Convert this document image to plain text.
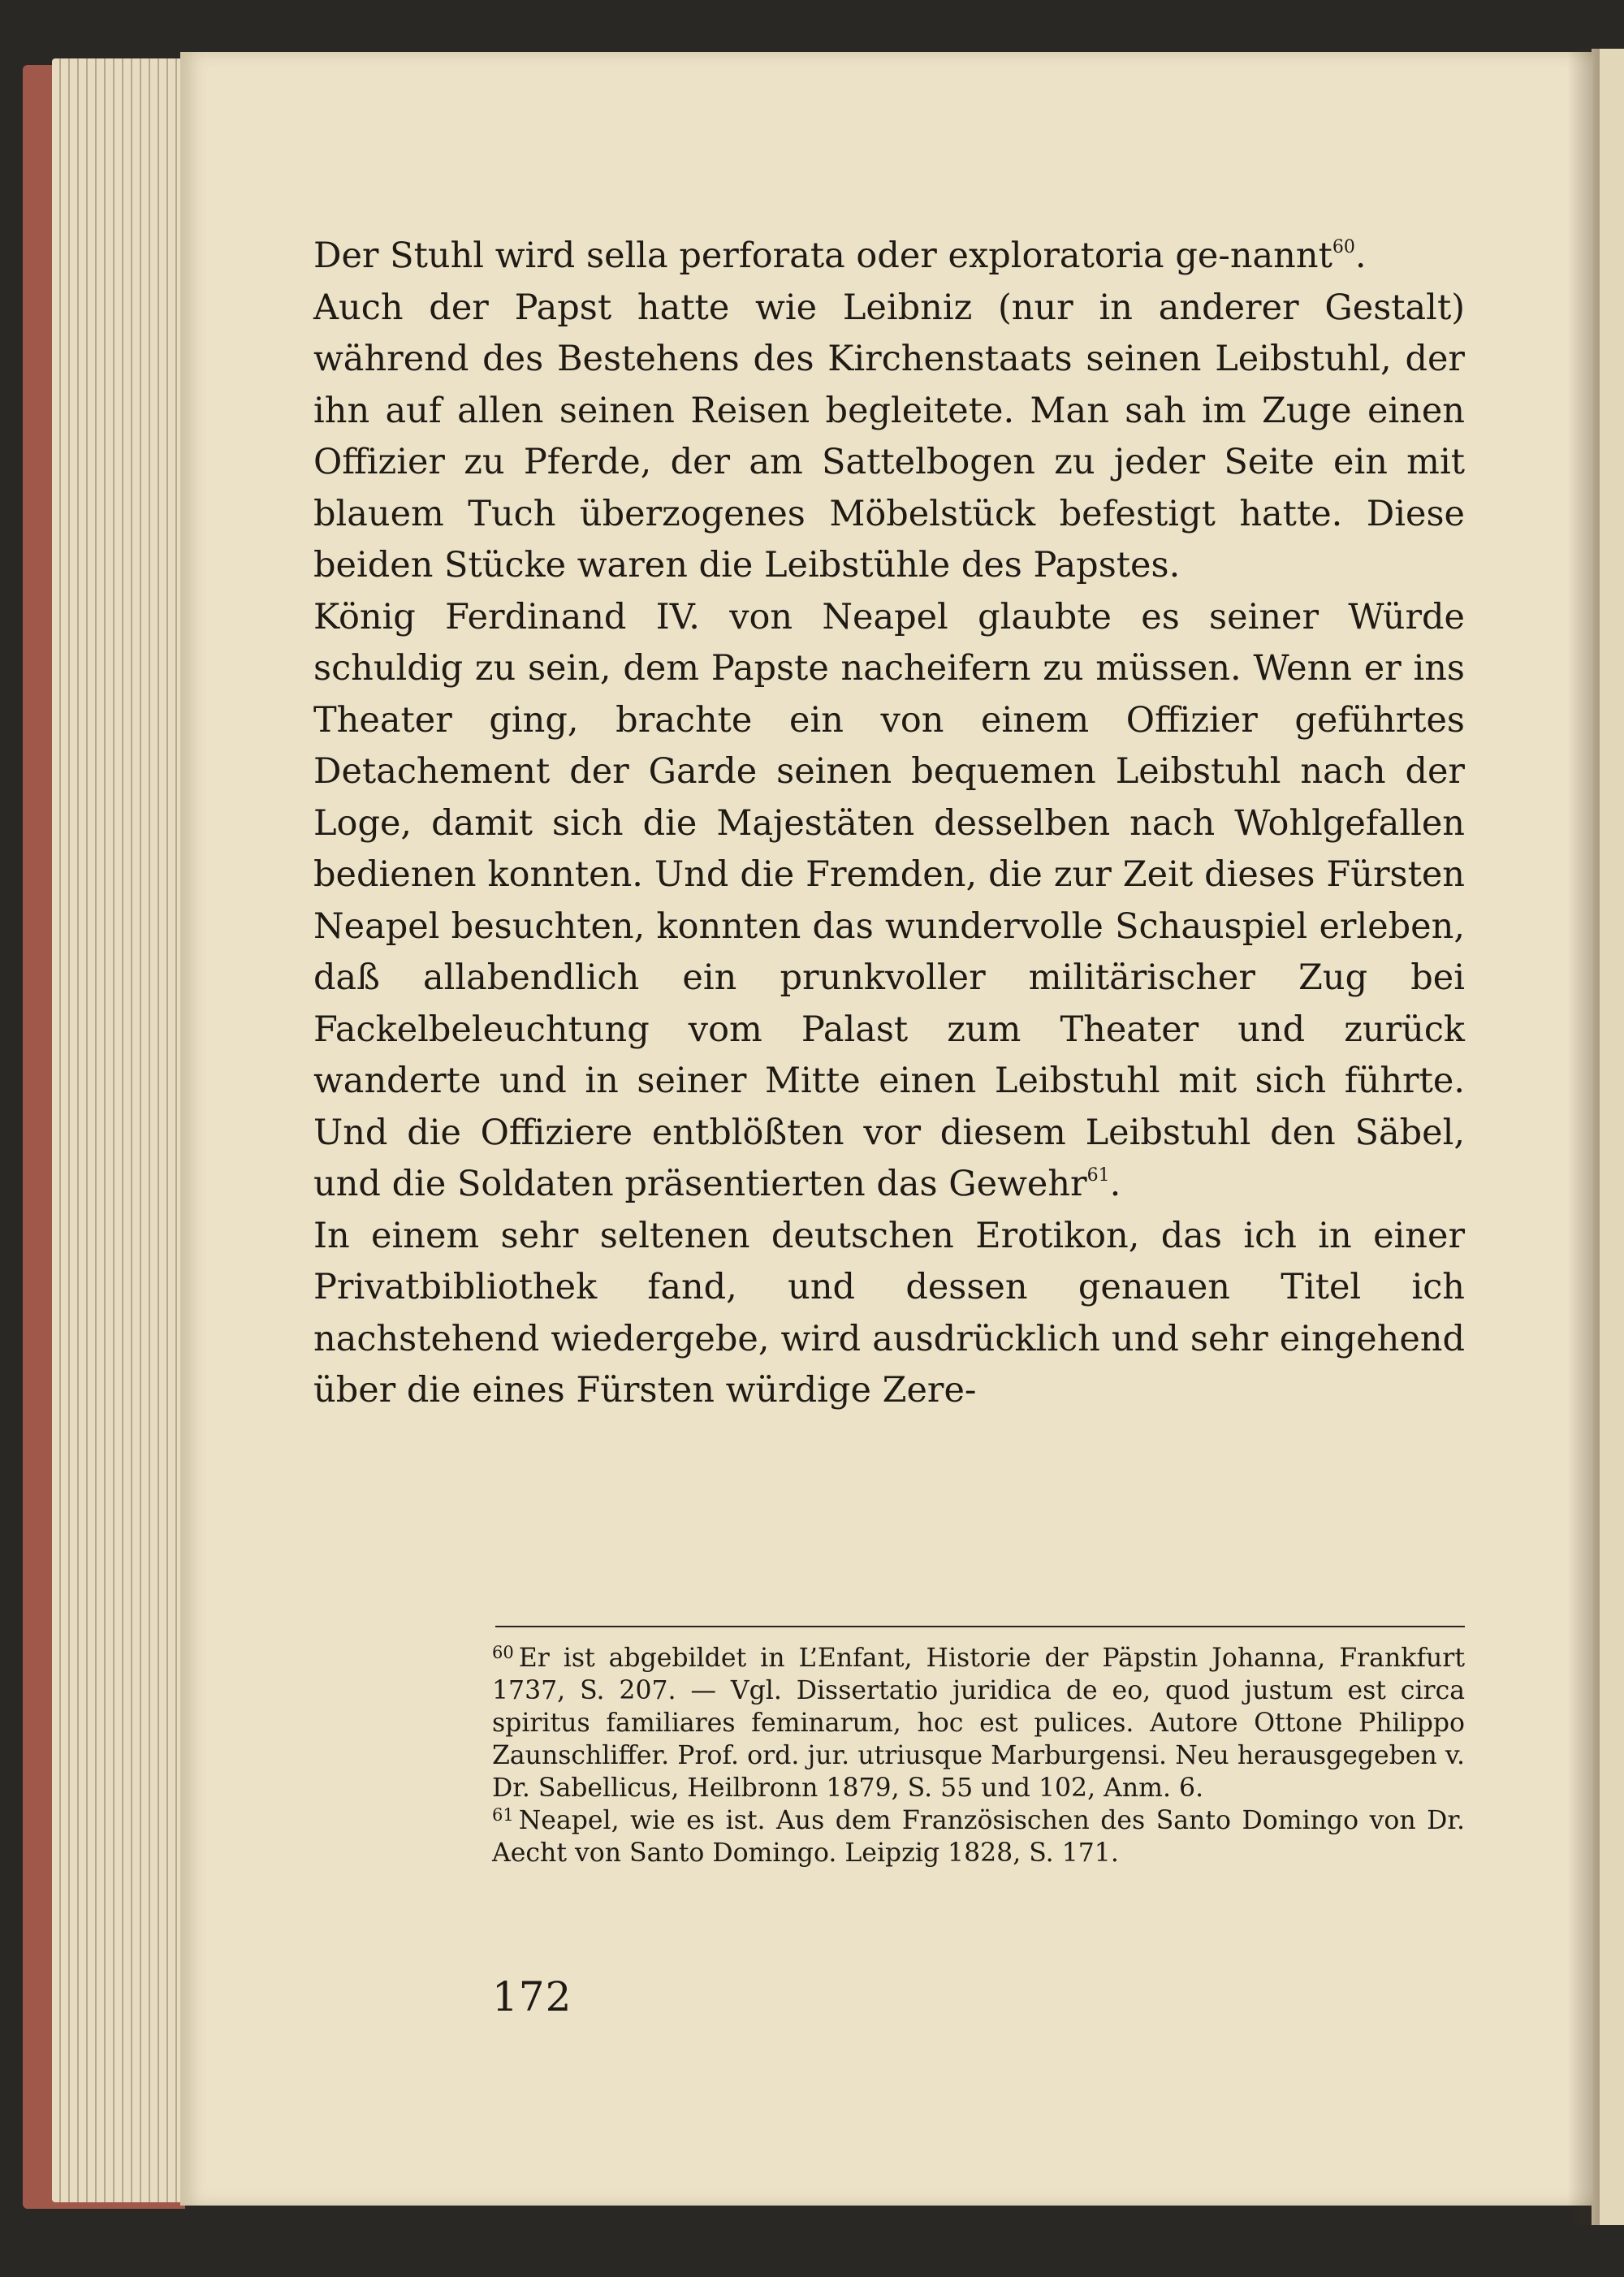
Der Stuhl wird sella perforata oder exploratoria ge-nannt$^{60}$.

Auch der Papst hatte wie Leibniz (nur in anderer Gestalt) während des Bestehens des Kirchenstaats seinen Leibstuhl, der ihn auf allen seinen Reisen begleitete. Man sah im Zuge einen Offizier zu Pferde, der am Sattelbogen zu jeder Seite ein mit blauem Tuch überzogenes Möbelstück befestigt hatte. Diese beiden Stücke waren die Leibstühle des Papstes.

König Ferdinand IV. von Neapel glaubte es seiner Würde schuldig zu sein, dem Papste nacheifern zu müssen. Wenn er ins Theater ging, brachte ein von einem Offizier geführtes Detachement der Garde seinen bequemen Leibstuhl nach der Loge, damit sich die Majestäten desselben nach Wohlgefallen bedienen konnten. Und die Fremden, die zur Zeit dieses Fürsten Neapel besuchten, konnten das wundervolle Schauspiel erleben, daß allabendlich ein prunkvoller militärischer Zug bei Fackelbeleuchtung vom Palast zum Theater und zurück wanderte und in seiner Mitte einen Leibstuhl mit sich führte. Und die Offiziere entblößten vor diesem Leibstuhl den Säbel, und die Soldaten präsentierten das Gewehr$^{61}$.

In einem sehr seltenen deutschen Erotikon, das ich in einer Privatbibliothek fand, und dessen genauen Titel ich nachstehend wiedergebe, wird ausdrücklich und sehr eingehend über die eines Fürsten würdige Zere-

$^{60}$ Er ist abgebildet in L’Enfant, Historie der Päpstin Johanna, Frankfurt 1737, S. 207. — Vgl. Dissertatio juridica de eo, quod justum est circa spiritus familiares feminarum, hoc est pulices. Autore Ottone Philippo Zaunschliffer. Prof. ord. jur. utriusque Marburgensi. Neu herausgegeben v. Dr. Sabellicus, Heilbronn 1879, S. 55 und 102, Anm. 6.

$^{61}$ Neapel, wie es ist. Aus dem Französischen des Santo Domingo von Dr. Aecht von Santo Domingo. Leipzig 1828, S. 171.

172
